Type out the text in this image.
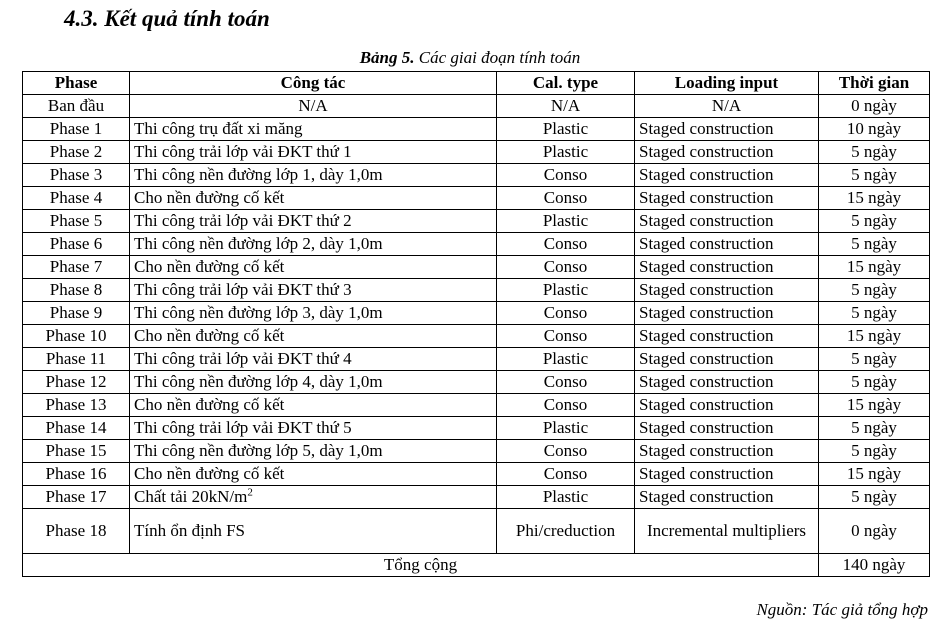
4.3. Kết quả tính toán
Bảng 5. Các giai đoạn tính toán
Phase	Công tác	Cal. type	Loading input	Thời gian
Ban đầu	N/A	N/A	N/A	0 ngày
Phase 1	Thi công trụ đất xi măng	Plastic	Staged construction	10 ngày
Phase 2	Thi công trải lớp vải ĐKT thứ 1	Plastic	Staged construction	5 ngày
Phase 3	Thi công nền đường lớp 1, dày 1,0m	Conso	Staged construction	5 ngày
Phase 4	Cho nền đường cố kết	Conso	Staged construction	15 ngày
Phase 5	Thi công trải lớp vải ĐKT thứ 2	Plastic	Staged construction	5 ngày
Phase 6	Thi công nền đường lớp 2, dày 1,0m	Conso	Staged construction	5 ngày
Phase 7	Cho nền đường cố kết	Conso	Staged construction	15 ngày
Phase 8	Thi công trải lớp vải ĐKT thứ 3	Plastic	Staged construction	5 ngày
Phase 9	Thi công nền đường lớp 3, dày 1,0m	Conso	Staged construction	5 ngày
Phase 10	Cho nền đường cố kết	Conso	Staged construction	15 ngày
Phase 11	Thi công trải lớp vải ĐKT thứ 4	Plastic	Staged construction	5 ngày
Phase 12	Thi công nền đường lớp 4, dày 1,0m	Conso	Staged construction	5 ngày
Phase 13	Cho nền đường cố kết	Conso	Staged construction	15 ngày
Phase 14	Thi công trải lớp vải ĐKT thứ 5	Plastic	Staged construction	5 ngày
Phase 15	Thi công nền đường lớp 5, dày 1,0m	Conso	Staged construction	5 ngày
Phase 16	Cho nền đường cố kết	Conso	Staged construction	15 ngày
Phase 17	Chất tải $20kN/m^2$	Plastic	Staged construction	5 ngày
Phase 18	Tính ổn định FS	Phi/creduction	Incremental multipliers	0 ngày
Tổng cộng				140 ngày
Nguồn: Tác giả tổng hợp
